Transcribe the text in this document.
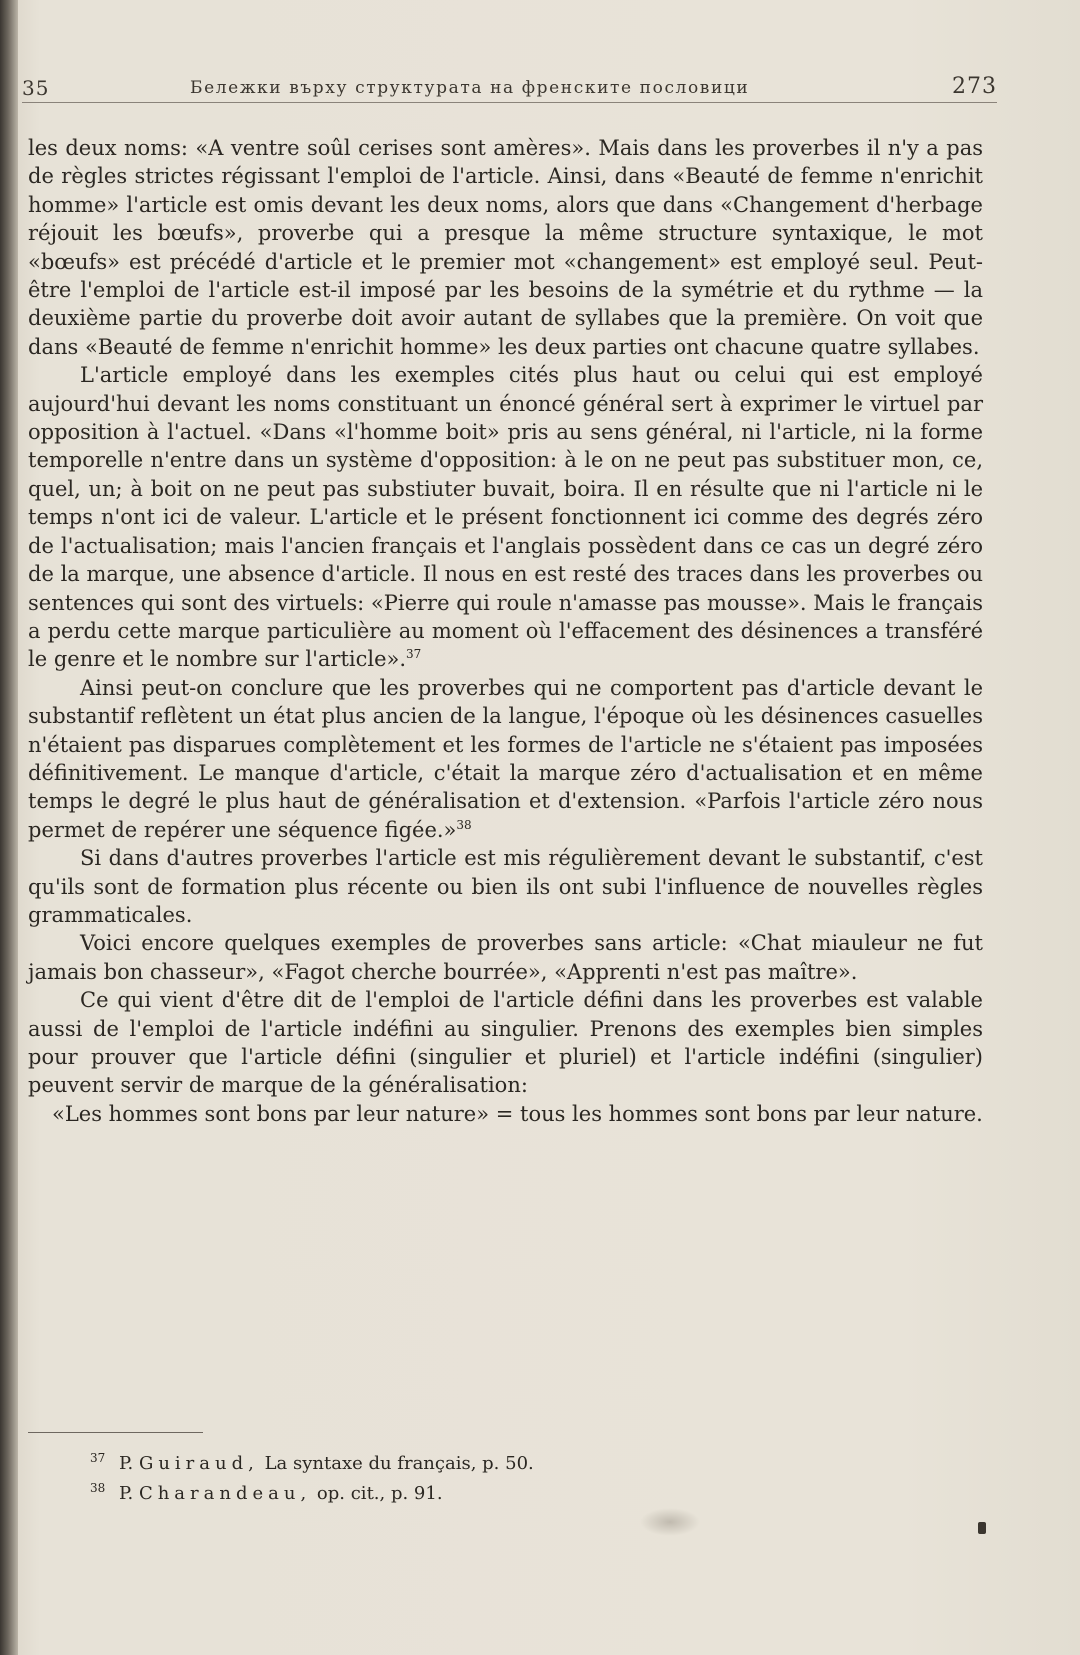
35	Бележки върху структурата на френските пословици	273

les deux noms: «A ventre soûl cerises sont amères». Mais dans les proverbes il n'y a pas de règles strictes régissant l'emploi de l'article. Ainsi, dans «Beauté de femme n'enrichit homme» l'article est omis devant les deux noms, alors que dans «Changement d'herbage réjouit les bœufs», proverbe qui a presque la même structure syntaxique, le mot «bœufs» est précédé d'article et le premier mot «changement» est employé seul. Peut-être l'emploi de l'article est-il imposé par les besoins de la symétrie et du rythme — la deuxième partie du proverbe doit avoir autant de syllabes que la première. On voit que dans «Beauté de femme n'enrichit homme» les deux parties ont chacune quatre syllabes.

L'article employé dans les exemples cités plus haut ou celui qui est employé aujourd'hui devant les noms constituant un énoncé général sert à exprimer le virtuel par opposition à l'actuel. «Dans «l'homme boit» pris au sens général, ni l'article, ni la forme temporelle n'entre dans un système d'opposition: à le on ne peut pas substituer mon, ce, quel, un; à boit on ne peut pas substiuter buvait, boira. Il en résulte que ni l'article ni le temps n'ont ici de valeur. L'article et le présent fonctionnent ici comme des degrés zéro de l'actualisation; mais l'ancien français et l'anglais possèdent dans ce cas un degré zéro de la marque, une absence d'article. Il nous en est resté des traces dans les proverbes ou sentences qui sont des virtuels: «Pierre qui roule n'amasse pas mousse». Mais le français a perdu cette marque particulière au moment où l'effacement des désinences a transféré le genre et le nombre sur l'article».$^{37}$

Ainsi peut-on conclure que les proverbes qui ne comportent pas d'article devant le substantif reflètent un état plus ancien de la langue, l'époque où les désinences casuelles n'étaient pas disparues complètement et les formes de l'article ne s'étaient pas imposées définitivement. Le manque d'article, c'était la marque zéro d'actualisation et en même temps le degré le plus haut de généralisation et d'extension. «Parfois l'article zéro nous permet de repérer une séquence figée.»$^{38}$

Si dans d'autres proverbes l'article est mis régulièrement devant le substantif, c'est qu'ils sont de formation plus récente ou bien ils ont subi l'influence de nouvelles règles grammaticales.

Voici encore quelques exemples de proverbes sans article: «Chat miauleur ne fut jamais bon chasseur», «Fagot cherche bourrée», «Apprenti n'est pas maître».

Ce qui vient d'être dit de l'emploi de l'article défini dans les proverbes est valable aussi de l'emploi de l'article indéfini au singulier. Prenons des exemples bien simples pour prouver que l'article défini (singulier et pluriel) et l'article indéfini (singulier) peuvent servir de marque de la généralisation:

«Les hommes sont bons par leur nature» = tous les hommes sont bons par leur nature.

$^{37}$ P. Guiraud, La syntaxe du français, p. 50.
$^{38}$ P. Charandeau, op. cit., p. 91.
